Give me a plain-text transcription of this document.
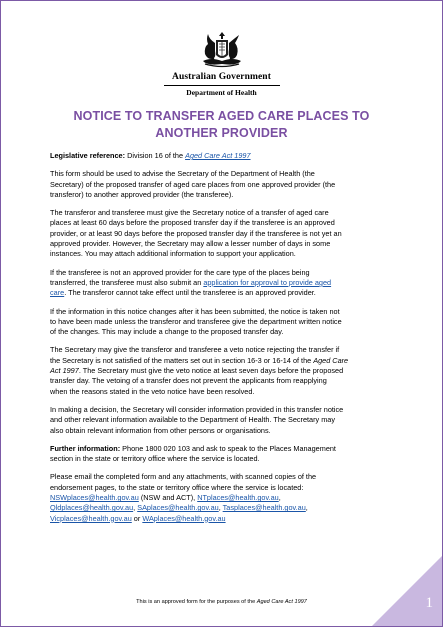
Australian Government
Department of Health
NOTICE TO TRANSFER AGED CARE PLACES TO
ANOTHER PROVIDER

Legislative reference: Division 16 of the Aged Care Act 1997

This form should be used to advise the Secretary of the Department of Health (the
Secretary) of the proposed transfer of aged care places from one approved provider (the
transferor) to another approved provider (the transferee).

The transferor and transferee must give the Secretary notice of a transfer of aged care
places at least 60 days before the proposed transfer day if the transferee is an approved
provider, or at least 90 days before the proposed transfer day if the transferee is not yet an
approved provider. However, the Secretary may allow a lesser number of days in some
instances. You may attach additional information to support your application.

If the transferee is not an approved provider for the care type of the places being
transferred, the transferee must also submit an application for approval to provide aged
care. The transferor cannot take effect until the transferee is an approved provider.

If the information in this notice changes after it has been submitted, the notice is taken not
to have been made unless the transferor and transferee give the department written notice
of the changes. This may include a change to the proposed transfer day.

The Secretary may give the transferor and transferee a veto notice rejecting the transfer if
the Secretary is not satisfied of the matters set out in section 16-3 or 16-14 of the Aged Care
Act 1997. The Secretary must give the veto notice at least seven days before the proposed
transfer day. The vetoing of a transfer does not prevent the applicants from reapplying
when the reasons stated in the veto notice have been resolved.

In making a decision, the Secretary will consider information provided in this transfer notice
and other relevant information available to the Department of Health. The Secretary may
also obtain relevant information from other persons or organisations.

Further information: Phone 1800 020 103 and ask to speak to the Places Management
section in the state or territory office where the service is located.

Please email the completed form and any attachments, with scanned copies of the
endorsement pages, to the state or territory office where the service is located:
NSWplaces@health.gov.au (NSW and ACT), NTplaces@health.gov.au,
Qldplaces@health.gov.au, SAplaces@health.gov.au, Tasplaces@health.gov.au,
Vicplaces@health.gov.au or WAplaces@health.gov.au

This is an approved form for the purposes of the Aged Care Act 1997	1
